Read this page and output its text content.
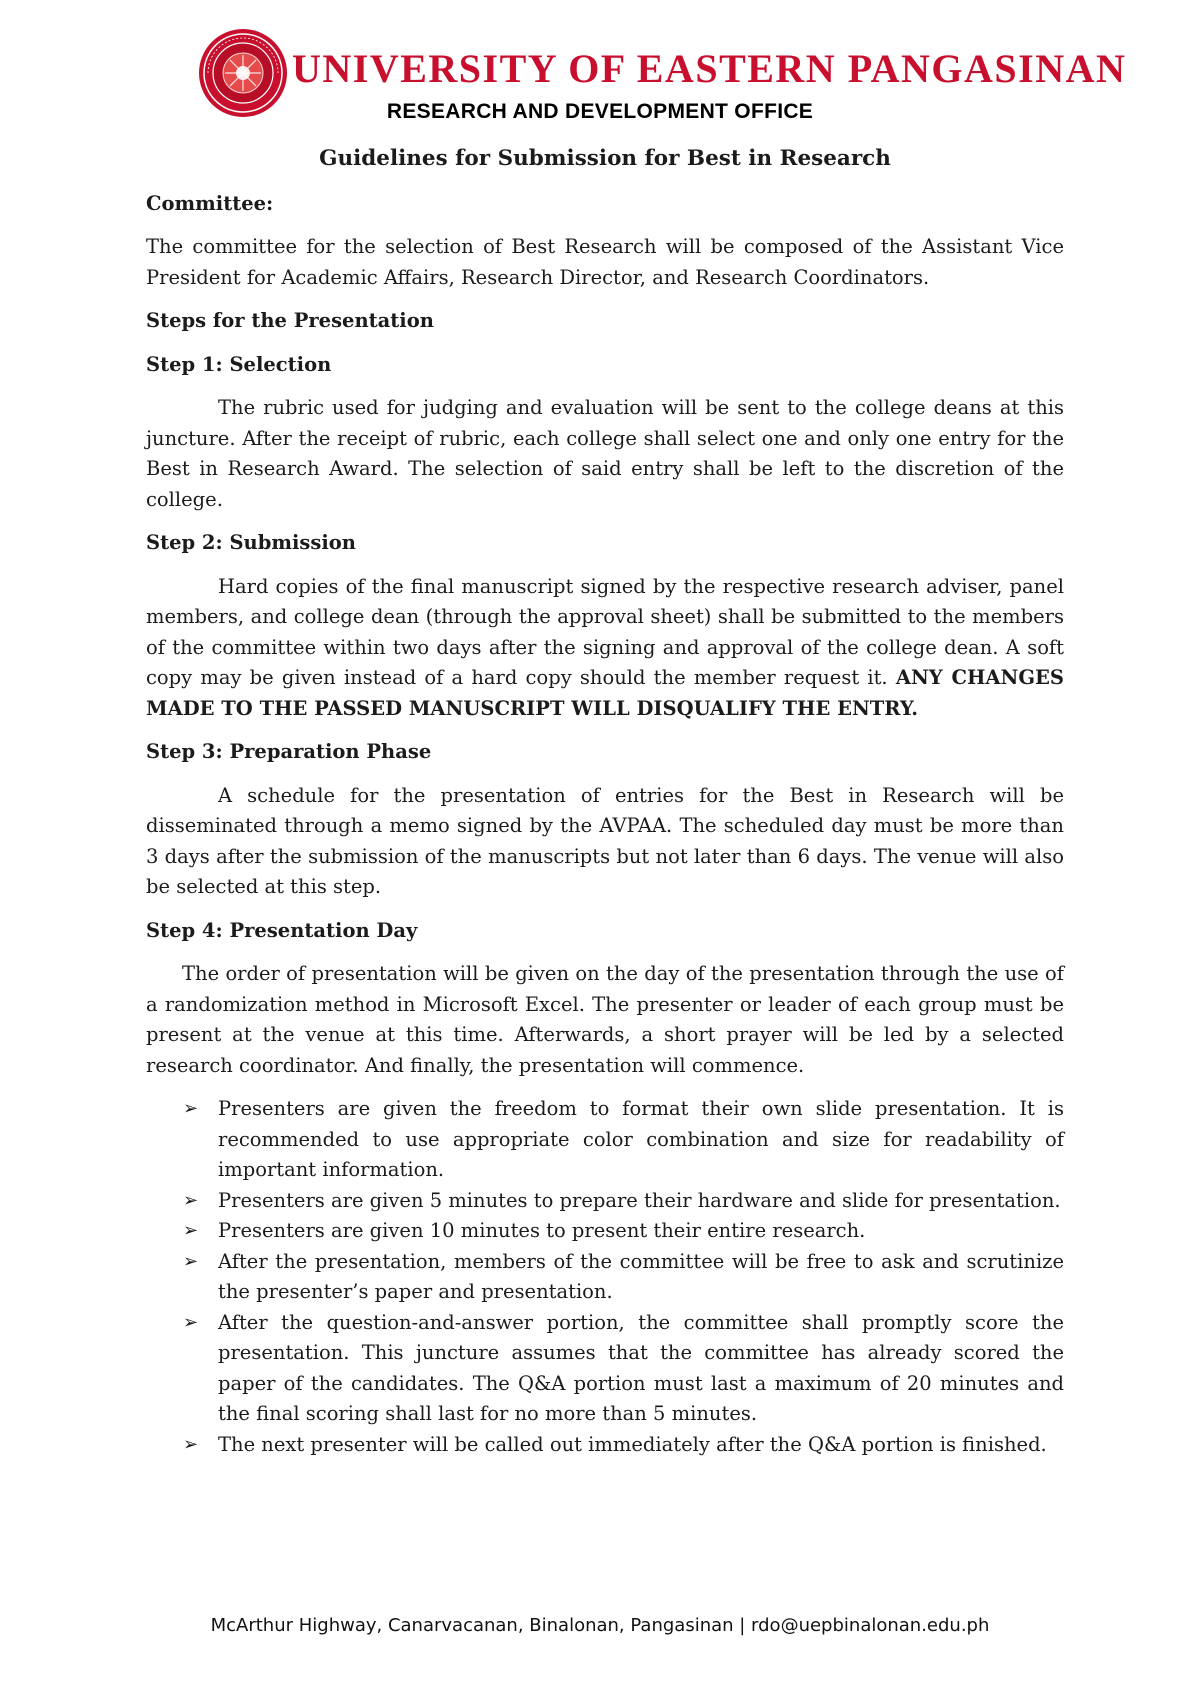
UNIVERSITY OF EASTERN PANGASINAN
RESEARCH AND DEVELOPMENT OFFICE
Guidelines for Submission for Best in Research
Committee:
The committee for the selection of Best Research will be composed of the Assistant Vice President for Academic Affairs, Research Director, and Research Coordinators.
Steps for the Presentation
Step 1: Selection
The rubric used for judging and evaluation will be sent to the college deans at this juncture. After the receipt of rubric, each college shall select one and only one entry for the Best in Research Award. The selection of said entry shall be left to the discretion of the college.
Step 2: Submission
Hard copies of the final manuscript signed by the respective research adviser, panel members, and college dean (through the approval sheet) shall be submitted to the members of the committee within two days after the signing and approval of the college dean. A soft copy may be given instead of a hard copy should the member request it. ANY CHANGES MADE TO THE PASSED MANUSCRIPT WILL DISQUALIFY THE ENTRY.
Step 3: Preparation Phase
A schedule for the presentation of entries for the Best in Research will be disseminated through a memo signed by the AVPAA. The scheduled day must be more than 3 days after the submission of the manuscripts but not later than 6 days. The venue will also be selected at this step.
Step 4: Presentation Day
The order of presentation will be given on the day of the presentation through the use of a randomization method in Microsoft Excel. The presenter or leader of each group must be present at the venue at this time. Afterwards, a short prayer will be led by a selected research coordinator. And finally, the presentation will commence.
➢ Presenters are given the freedom to format their own slide presentation. It is recommended to use appropriate color combination and size for readability of important information.
➢ Presenters are given 5 minutes to prepare their hardware and slide for presentation.
➢ Presenters are given 10 minutes to present their entire research.
➢ After the presentation, members of the committee will be free to ask and scrutinize the presenter’s paper and presentation.
➢ After the question-and-answer portion, the committee shall promptly score the presentation. This juncture assumes that the committee has already scored the paper of the candidates. The Q&A portion must last a maximum of 20 minutes and the final scoring shall last for no more than 5 minutes.
➢ The next presenter will be called out immediately after the Q&A portion is finished.
McArthur Highway, Canarvacanan, Binalonan, Pangasinan | rdo@uepbinalonan.edu.ph
